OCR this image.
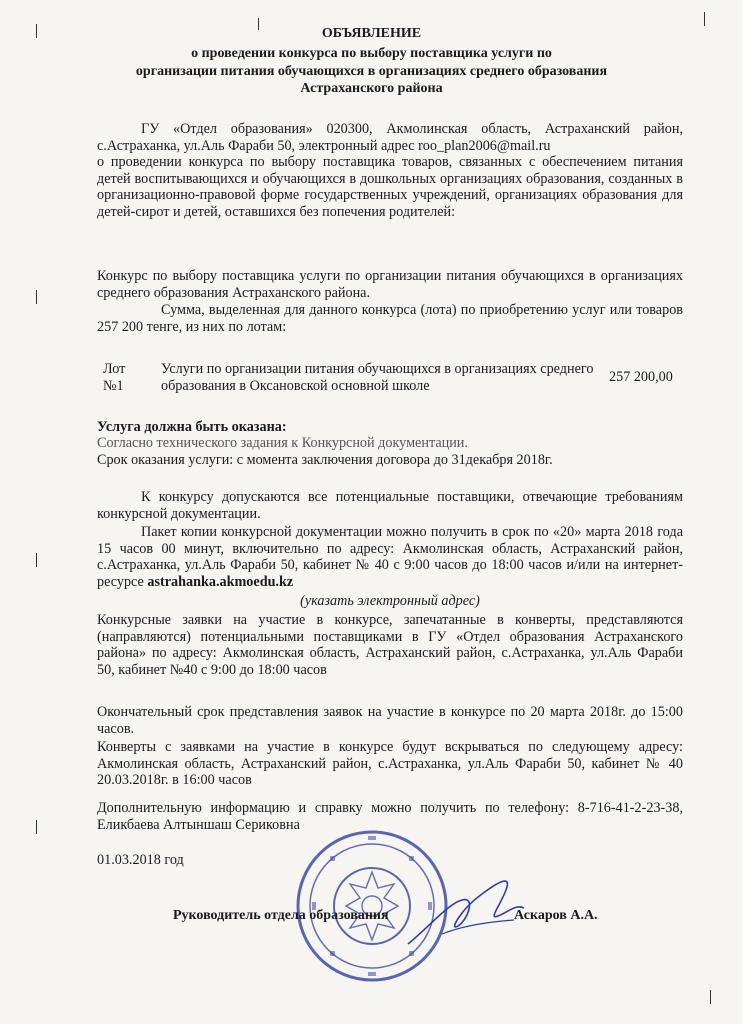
ОБЪЯВЛЕНИЕ
о проведении конкурса по выбору поставщика услуги по
организации питания обучающихся в организациях среднего образования
Астраханского района
ГУ «Отдел образования» 020300, Акмолинская область, Астраханский район, с.Астраханка, ул.Аль Фараби 50, электронный адрес roo_plan2006@mail.ru
о проведении конкурса по выбору поставщика товаров, связанных с обеспечением питания детей воспитывающихся и обучающихся в дошкольных организациях образования, созданных в организационно-правовой форме государственных учреждений, организациях образования для детей-сирот и детей, оставшихся без попечения родителей:
Конкурс по выбору поставщика услуги по организации питания обучающихся в организациях среднего образования Астраханского района.
Сумма, выделенная для данного конкурса (лота) по приобретению услуг или товаров 257 200 тенге, из них по лотам:
Лот №1
Услуги по организации питания обучающихся в организациях среднего образования в Оксановской основной школе
257 200,00
Услуга должна быть оказана:
Согласно технического задания к Конкурсной документации.
Срок оказания услуги: с момента заключения договора до 31декабря 2018г.
К конкурсу допускаются все потенциальные поставщики, отвечающие требованиям конкурсной документации.
Пакет копии конкурсной документации можно получить в срок по «20» марта 2018 года 15 часов 00 минут, включительно по адресу: Акмолинская область, Астраханский район, с.Астраханка, ул.Аль Фараби 50, кабинет № 40 с 9:00 часов до 18:00 часов и/или на интернет-ресурсе astrahanka.akmoedu.kz
(указать электронный адрес)
Конкурсные заявки на участие в конкурсе, запечатанные в конверты, представляются (направляются) потенциальными поставщиками в ГУ «Отдел образования Астраханского района» по адресу: Акмолинская область, Астраханский район, с.Астраханка, ул.Аль Фараби 50, кабинет №40 с 9:00 до 18:00 часов
Окончательный срок представления заявок на участие в конкурсе по 20 марта 2018г. до 15:00 часов.
Конверты с заявками на участие в конкурсе будут вскрываться по следующему адресу: Акмолинская область, Астраханский район, с.Астраханка, ул.Аль Фараби 50, кабинет № 40 20.03.2018г. в 16:00 часов
Дополнительную информацию и справку можно получить по телефону: 8-716-41-2-23-38, Еликбаева Алтыншаш Сериковна
01.03.2018 год
Руководитель отдела образования	Аскаров А.А.
